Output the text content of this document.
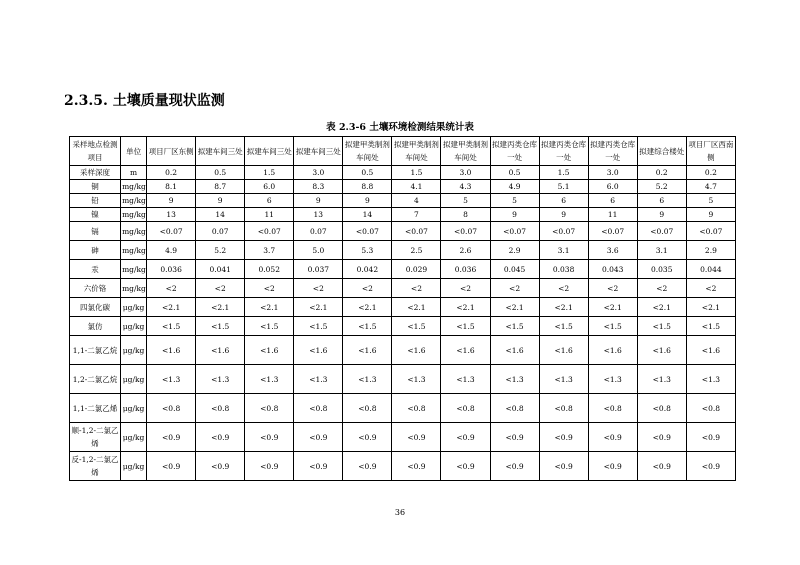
2.3.5. 土壤质量现状监测
表 2.3-6 土壤环境检测结果统计表
采样地点检测项目	单位	项目厂区东侧	拟建车间三处	拟建车间三处	拟建车间三处	拟建甲类制剂车间处	拟建甲类制剂车间处	拟建甲类制剂车间处	拟建丙类仓库一处	拟建丙类仓库一处	拟建丙类仓库一处	拟建综合楼处	项目厂区西南侧
采样深度	m	0.2	0.5	1.5	3.0	0.5	1.5	3.0	0.5	1.5	3.0	0.2	0.2
铜	mg/kg	8.1	8.7	6.0	8.3	8.8	4.1	4.3	4.9	5.1	6.0	5.2	4.7
铅	mg/kg	9	9	6	9	9	4	5	5	6	6	6	5
镍	mg/kg	13	14	11	13	14	7	8	9	9	11	9	9
镉	mg/kg	<0.07	0.07	<0.07	0.07	<0.07	<0.07	<0.07	<0.07	<0.07	<0.07	<0.07	<0.07
砷	mg/kg	4.9	5.2	3.7	5.0	5.3	2.5	2.6	2.9	3.1	3.6	3.1	2.9
汞	mg/kg	0.036	0.041	0.052	0.037	0.042	0.029	0.036	0.045	0.038	0.043	0.035	0.044
六价铬	mg/kg	<2	<2	<2	<2	<2	<2	<2	<2	<2	<2	<2	<2
四氯化碳	μg/kg	<2.1	<2.1	<2.1	<2.1	<2.1	<2.1	<2.1	<2.1	<2.1	<2.1	<2.1	<2.1
氯仿	μg/kg	<1.5	<1.5	<1.5	<1.5	<1.5	<1.5	<1.5	<1.5	<1.5	<1.5	<1.5	<1.5
1,1-二氯乙烷	μg/kg	<1.6	<1.6	<1.6	<1.6	<1.6	<1.6	<1.6	<1.6	<1.6	<1.6	<1.6	<1.6
1,2-二氯乙烷	μg/kg	<1.3	<1.3	<1.3	<1.3	<1.3	<1.3	<1.3	<1.3	<1.3	<1.3	<1.3	<1.3
1,1-二氯乙烯	μg/kg	<0.8	<0.8	<0.8	<0.8	<0.8	<0.8	<0.8	<0.8	<0.8	<0.8	<0.8	<0.8
顺-1,2-二氯乙烯	μg/kg	<0.9	<0.9	<0.9	<0.9	<0.9	<0.9	<0.9	<0.9	<0.9	<0.9	<0.9	<0.9
反-1,2-二氯乙烯	μg/kg	<0.9	<0.9	<0.9	<0.9	<0.9	<0.9	<0.9	<0.9	<0.9	<0.9	<0.9	<0.9
36
